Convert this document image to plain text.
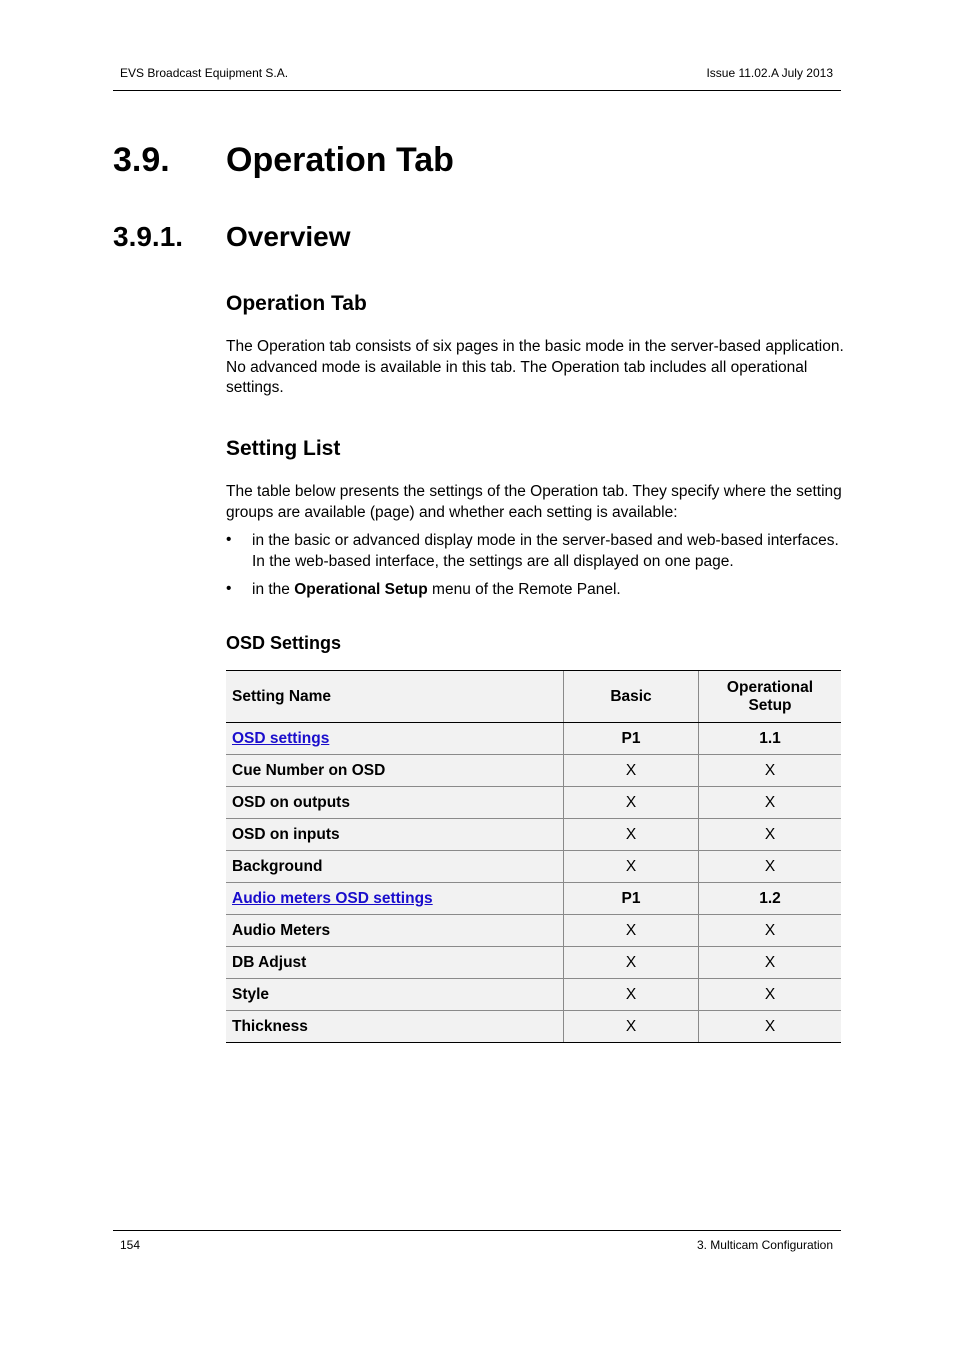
EVS Broadcast Equipment S.A.	Issue 11.02.A July 2013
3.9. Operation Tab
3.9.1. Overview
Operation Tab
The Operation tab consists of six pages in the basic mode in the server-based application.
No advanced mode is available in this tab. The Operation tab includes all operational
settings.
Setting List
The table below presents the settings of the Operation tab. They specify where the setting
groups are available (page) and whether each setting is available:
• in the basic or advanced display mode in the server-based and web-based interfaces.
In the web-based interface, the settings are all displayed on one page.
• in the Operational Setup menu of the Remote Panel.
OSD Settings
Setting Name	Basic	Operational
Setup

OSD settings	P1	1.1
Cue Number on OSD	X	X
OSD on outputs	X	X
OSD on inputs	X	X
Background	X	X
Audio meters OSD settings	P1	1.2
Audio Meters	X	X
DB Adjust	X	X
Style	X	X
Thickness	X	X
154	3. Multicam Configuration
